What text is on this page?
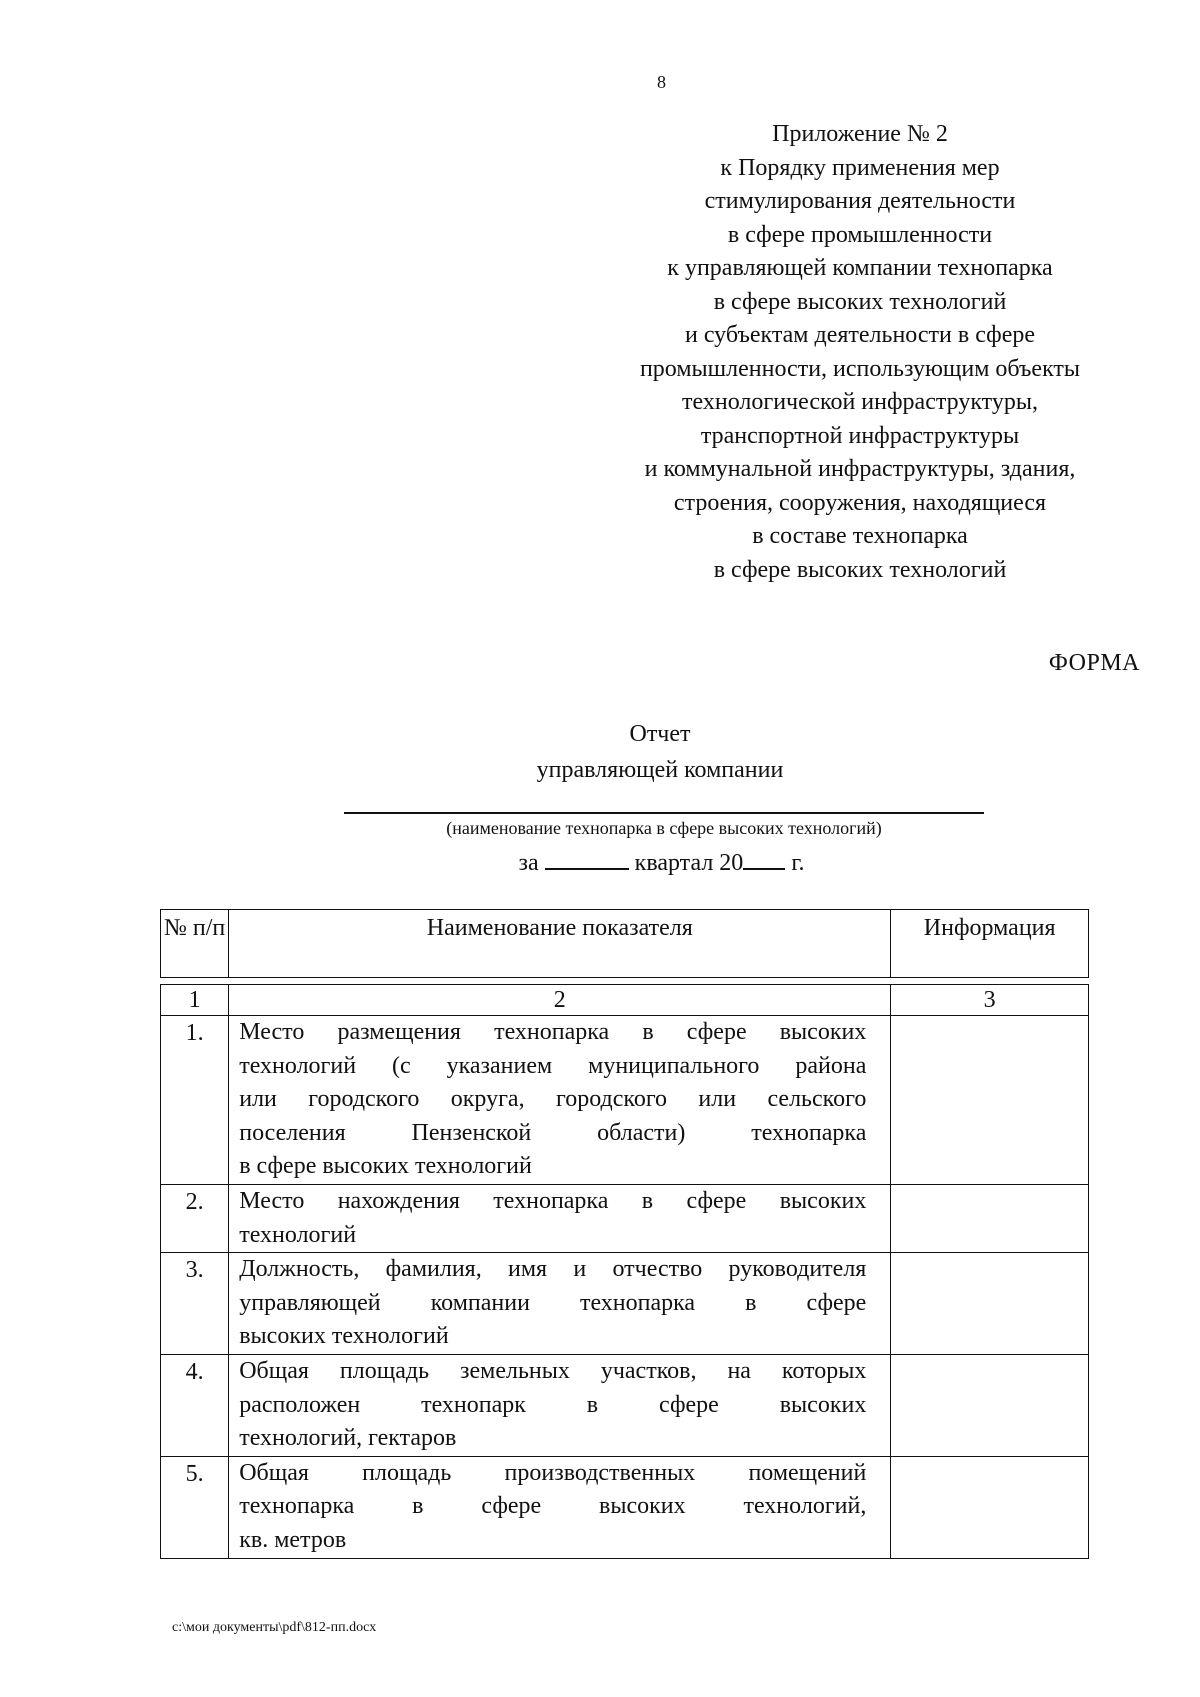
8
Приложение № 2
к Порядку применения мер
стимулирования деятельности
в сфере промышленности
к управляющей компании технопарка
в сфере высоких технологий
и субъектам деятельности в сфере
промышленности, использующим объекты
технологической инфраструктуры,
транспортной инфраструктуры
и коммунальной инфраструктуры, здания,
строения, сооружения, находящиеся
в составе технопарка
в сфере высоких технологий
ФОРМА
Отчет
управляющей компании
(наименование технопарка в сфере высоких технологий)
за	квартал 20 г.
№ п/п	Наименование показателя	Информация

1	2	3
1.	Место размещения технопарка в сфере высоких
технологий (с указанием муниципального района
или городского округа, городского или сельского
поселения Пензенской области) технопарка
в сфере высоких технологий	

2.	Место нахождения технопарка в сфере высоких
технологий	

3.	Должность, фамилия, имя и отчество руководителя
управляющей компании технопарка в сфере
высоких технологий	

4.	Общая площадь земельных участков, на которых
расположен технопарк в сфере высоких
технологий, гектаров	

5.	Общая площадь производственных помещений
технопарка в сфере высоких технологий,
кв. метров	

c:\мои документы\pdf\812-пп.docx
